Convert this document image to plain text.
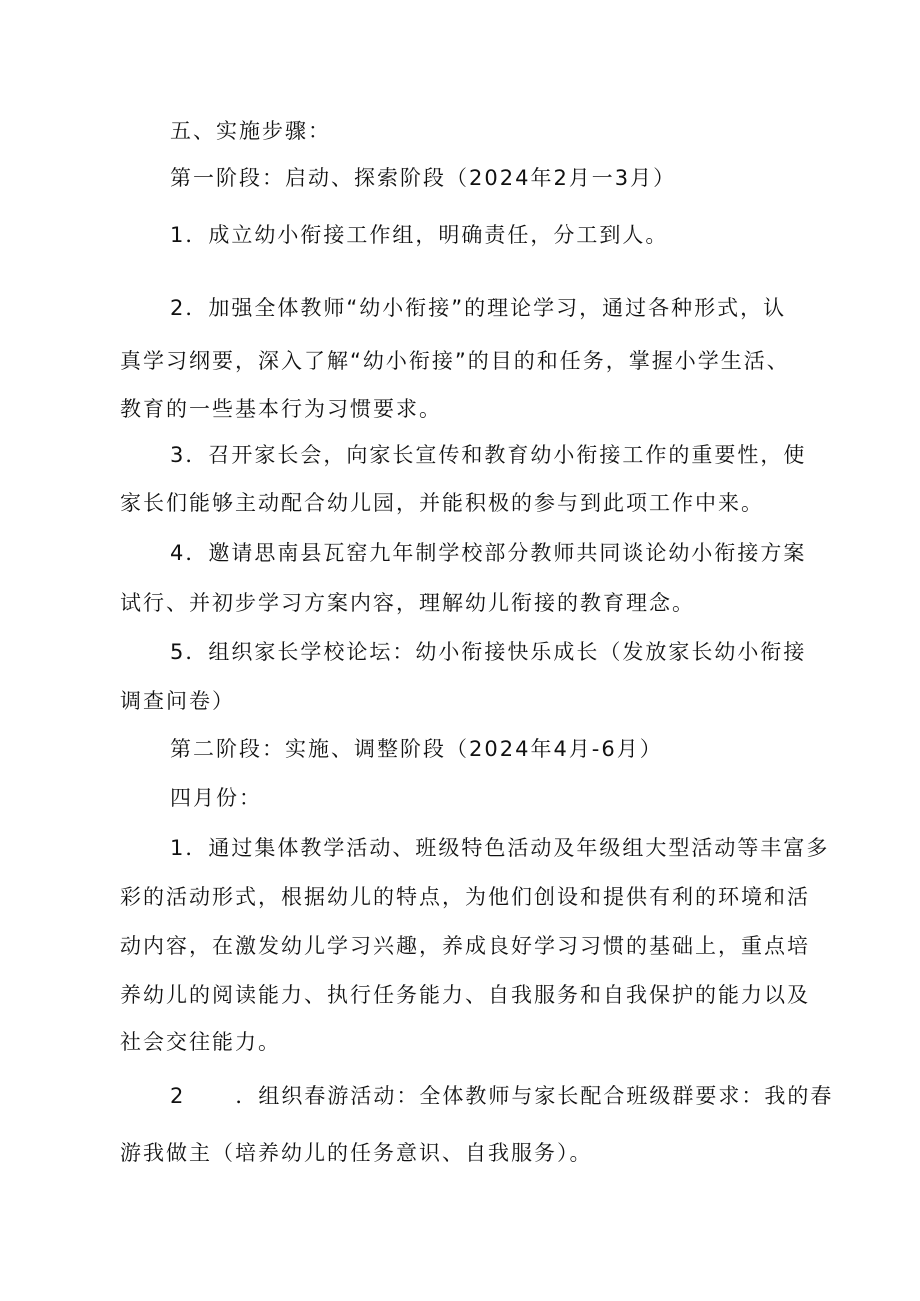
五、实施步骤：
第一阶段：启动、探索阶段（2024年2月一3月）
1．成立幼小衔接工作组，明确责任，分工到人。
2．加强全体教师“幼小衔接”的理论学习，通过各种形式，认
真学习纲要，深入了解“幼小衔接”的目的和任务，掌握小学生活、
教育的一些基本行为习惯要求。
3．召开家长会，向家长宣传和教育幼小衔接工作的重要性，使
家长们能够主动配合幼儿园，并能积极的参与到此项工作中来。
4．邀请思南县瓦窑九年制学校部分教师共同谈论幼小衔接方案
试行、并初步学习方案内容，理解幼儿衔接的教育理念。
5．组织家长学校论坛：幼小衔接快乐成长（发放家长幼小衔接
调查问卷）
第二阶段：实施、调整阶段（2024年4月-6月）
四月份：
1．通过集体教学活动、班级特色活动及年级组大型活动等丰富多
彩的活动形式，根据幼儿的特点，为他们创设和提供有利的环境和活
动内容，在激发幼儿学习兴趣，养成良好学习习惯的基础上，重点培
养幼儿的阅读能力、执行任务能力、自我服务和自我保护的能力以及
社会交往能力。
2 ．组织春游活动：全体教师与家长配合班级群要求：我的春
游我做主（培养幼儿的任务意识、自我服务）。
